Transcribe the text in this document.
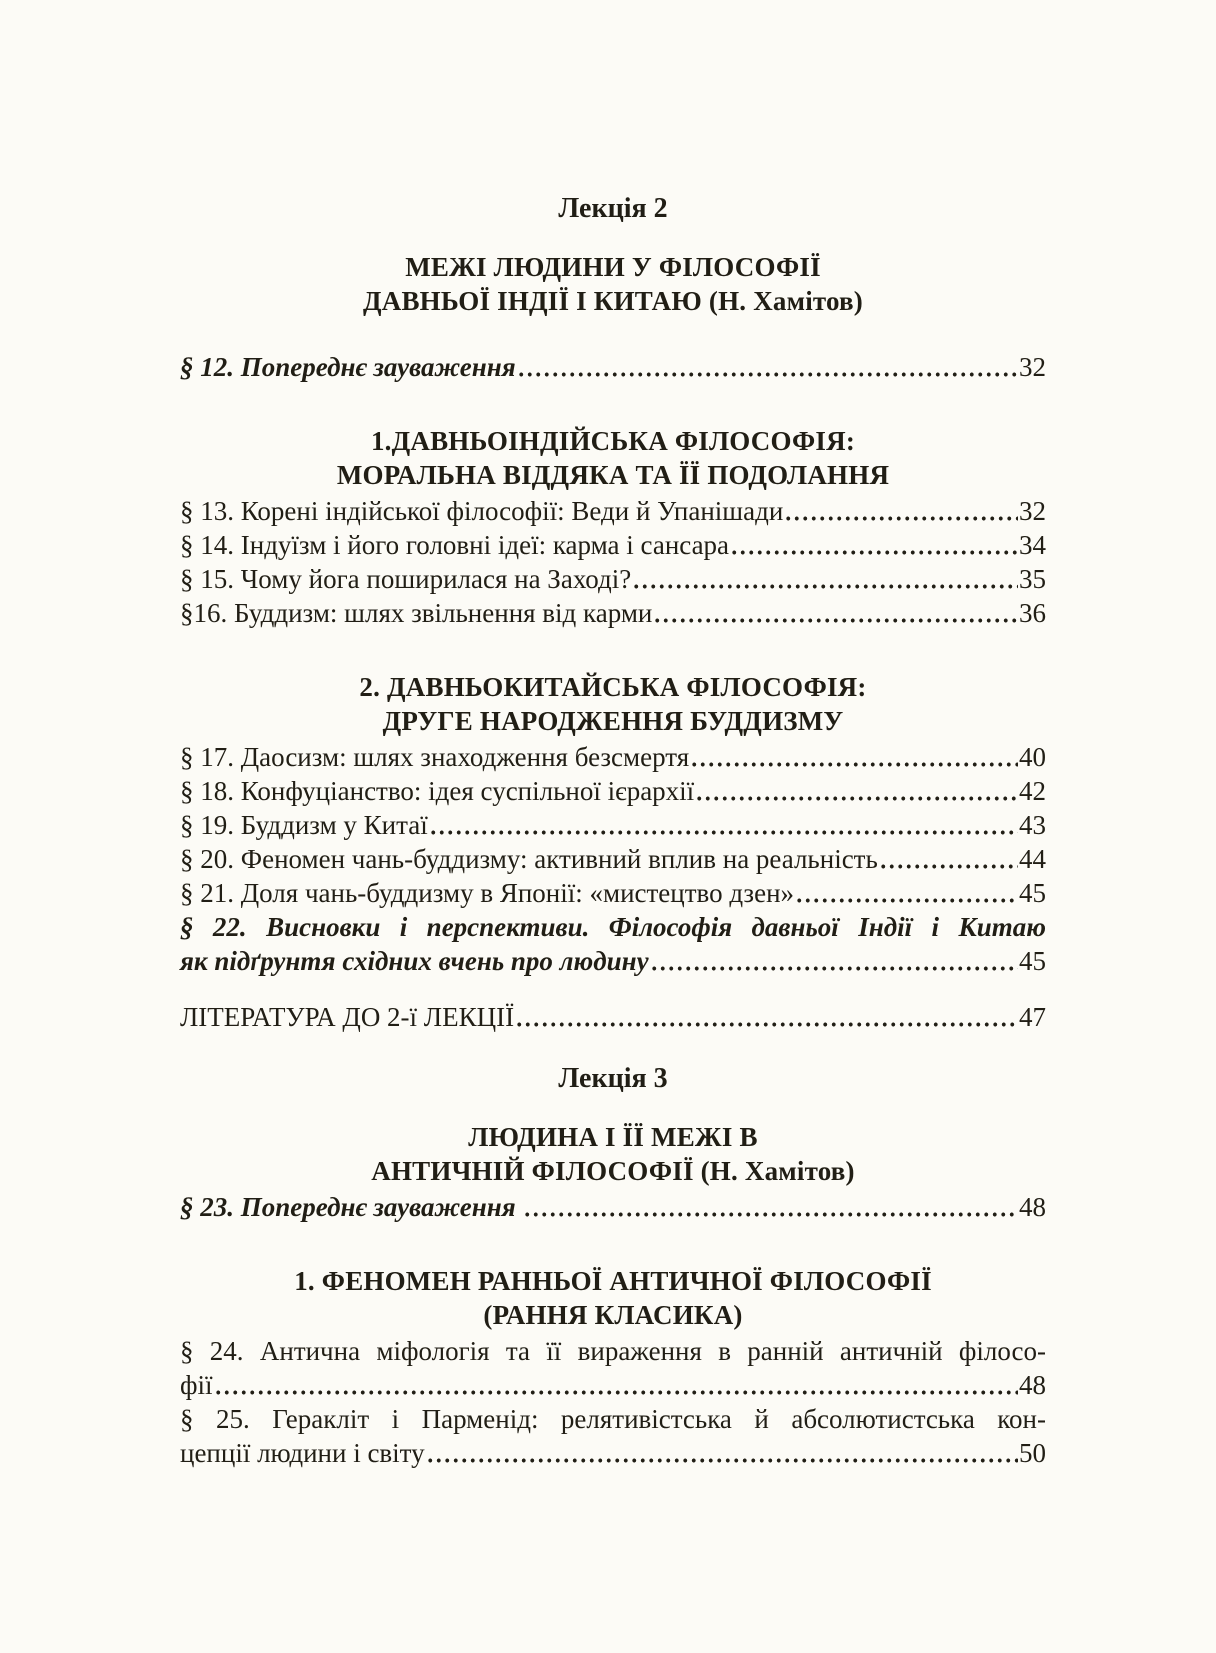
Лекція 2
МЕЖІ ЛЮДИНИ У ФІЛОСОФІЇ
ДАВНЬОЇ ІНДІЇ І КИТАЮ (Н. Хамітов)
§ 12. Попереднє зауваження	32
1.ДАВНЬОІНДІЙСЬКА ФІЛОСОФІЯ:
МОРАЛЬНА ВІДДЯКА ТА ЇЇ ПОДОЛАННЯ
§ 13. Корені індійської філософії: Веди й Упанішади	32
§ 14. Індуїзм і його головні ідеї: карма і сансара	34
§ 15. Чому йога поширилася на Заході?	35
§16. Буддизм: шлях звільнення від карми	36
2. ДАВНЬОКИТАЙСЬКА ФІЛОСОФІЯ:
ДРУГЕ НАРОДЖЕННЯ БУДДИЗМУ
§ 17. Даосизм: шлях знаходження безсмертя	40
§ 18. Конфуціанство: ідея суспільної ієрархії	42
§ 19. Буддизм у Китаї	43
§ 20. Феномен чань-буддизму: активний вплив на реальність	44
§ 21. Доля чань-буддизму в Японії: «мистецтво дзен»	45
§ 22. Висновки і перспективи. Філософія давньої Індії і Китаю
як підґрунтя східних вчень про людину	45
ЛІТЕРАТУРА ДО 2-ї ЛЕКЦІЇ	47
Лекція 3
ЛЮДИНА І ЇЇ МЕЖІ В
АНТИЧНІЙ ФІЛОСОФІЇ (Н. Хамітов)
§ 23. Попереднє зауваження	48
1. ФЕНОМЕН РАННЬОЇ АНТИЧНОЇ ФІЛОСОФІЇ
(РАННЯ КЛАСИКА)
§ 24. Антична міфологія та її вираження в ранній античній філосо-
фії	48
§ 25. Геракліт і Парменід: релятивістська й абсолютистська кон-
цепції людини і світу	50
